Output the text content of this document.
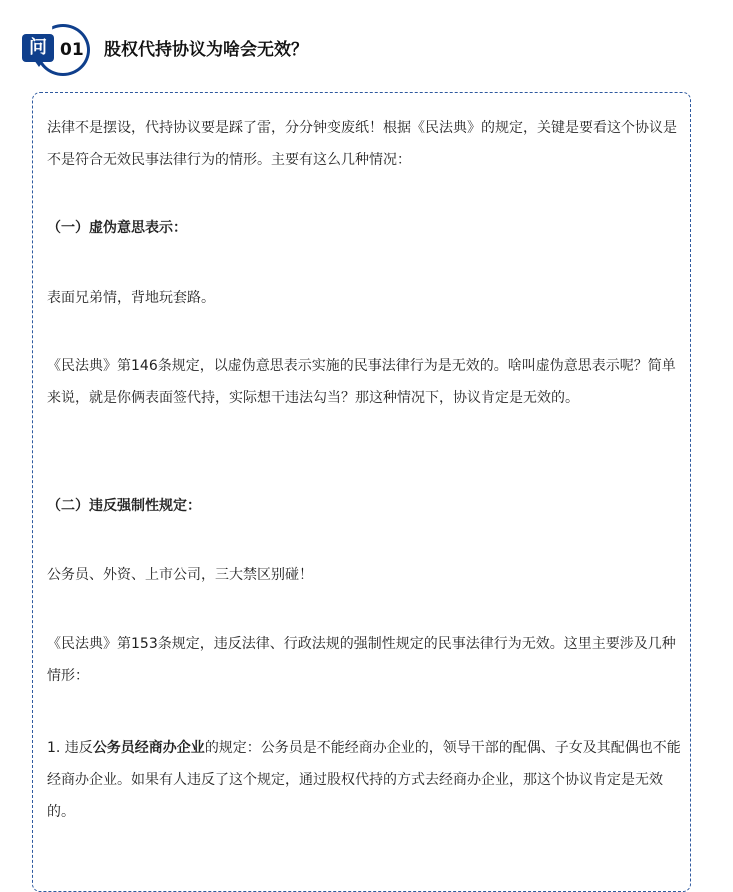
问 01 股权代持协议为啥会无效？

法律不是摆设，代持协议要是踩了雷，分分钟变废纸！根据《民法典》的规定，关键是要看这个协议是不是符合无效民事法律行为的情形。主要有这么几种情况：

（一）虚伪意思表示：

表面兄弟情，背地玩套路。

《民法典》第146条规定，以虚伪意思表示实施的民事法律行为是无效的。啥叫虚伪意思表示呢？简单来说，就是你俩表面签代持，实际想干违法勾当？那这种情况下，协议肯定是无效的。

（二）违反强制性规定：

公务员、外资、上市公司，三大禁区别碰！

《民法典》第153条规定，违反法律、行政法规的强制性规定的民事法律行为无效。这里主要涉及几种情形：

1. 违反公务员经商办企业的规定：公务员是不能经商办企业的，领导干部的配偶、子女及其配偶也不能经商办企业。如果有人违反了这个规定，通过股权代持的方式去经商办企业，那这个协议肯定是无效的。
